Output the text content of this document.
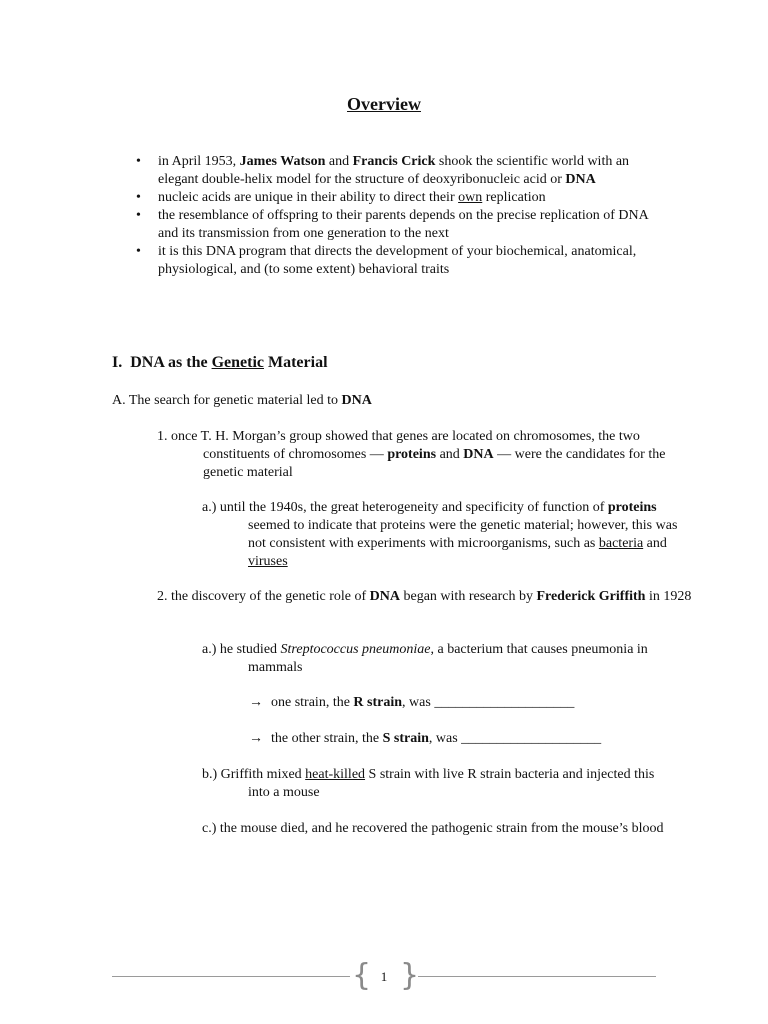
Overview
• in April 1953, James Watson and Francis Crick shook the scientific world with an elegant double-helix model for the structure of deoxyribonucleic acid or DNA
• nucleic acids are unique in their ability to direct their own replication
• the resemblance of offspring to their parents depends on the precise replication of DNA and its transmission from one generation to the next
• it is this DNA program that directs the development of your biochemical, anatomical, physiological, and (to some extent) behavioral traits
I.  DNA as the Genetic Material
A. The search for genetic material led to DNA
1. once T. H. Morgan’s group showed that genes are located on chromosomes, the two constituents of chromosomes — proteins and DNA — were the candidates for the genetic material
a.) until the 1940s, the great heterogeneity and specificity of function of proteins seemed to indicate that proteins were the genetic material; however, this was not consistent with experiments with microorganisms, such as bacteria and viruses
2. the discovery of the genetic role of DNA began with research by Frederick Griffith in 1928
a.) he studied Streptococcus pneumoniae, a bacterium that causes pneumonia in mammals
→ one strain, the R strain, was ____________________
→ the other strain, the S strain, was ____________________
b.) Griffith mixed heat-killed S strain with live R strain bacteria and injected this into a mouse
c.) the mouse died, and he recovered the pathogenic strain from the mouse’s blood
{ }
1
